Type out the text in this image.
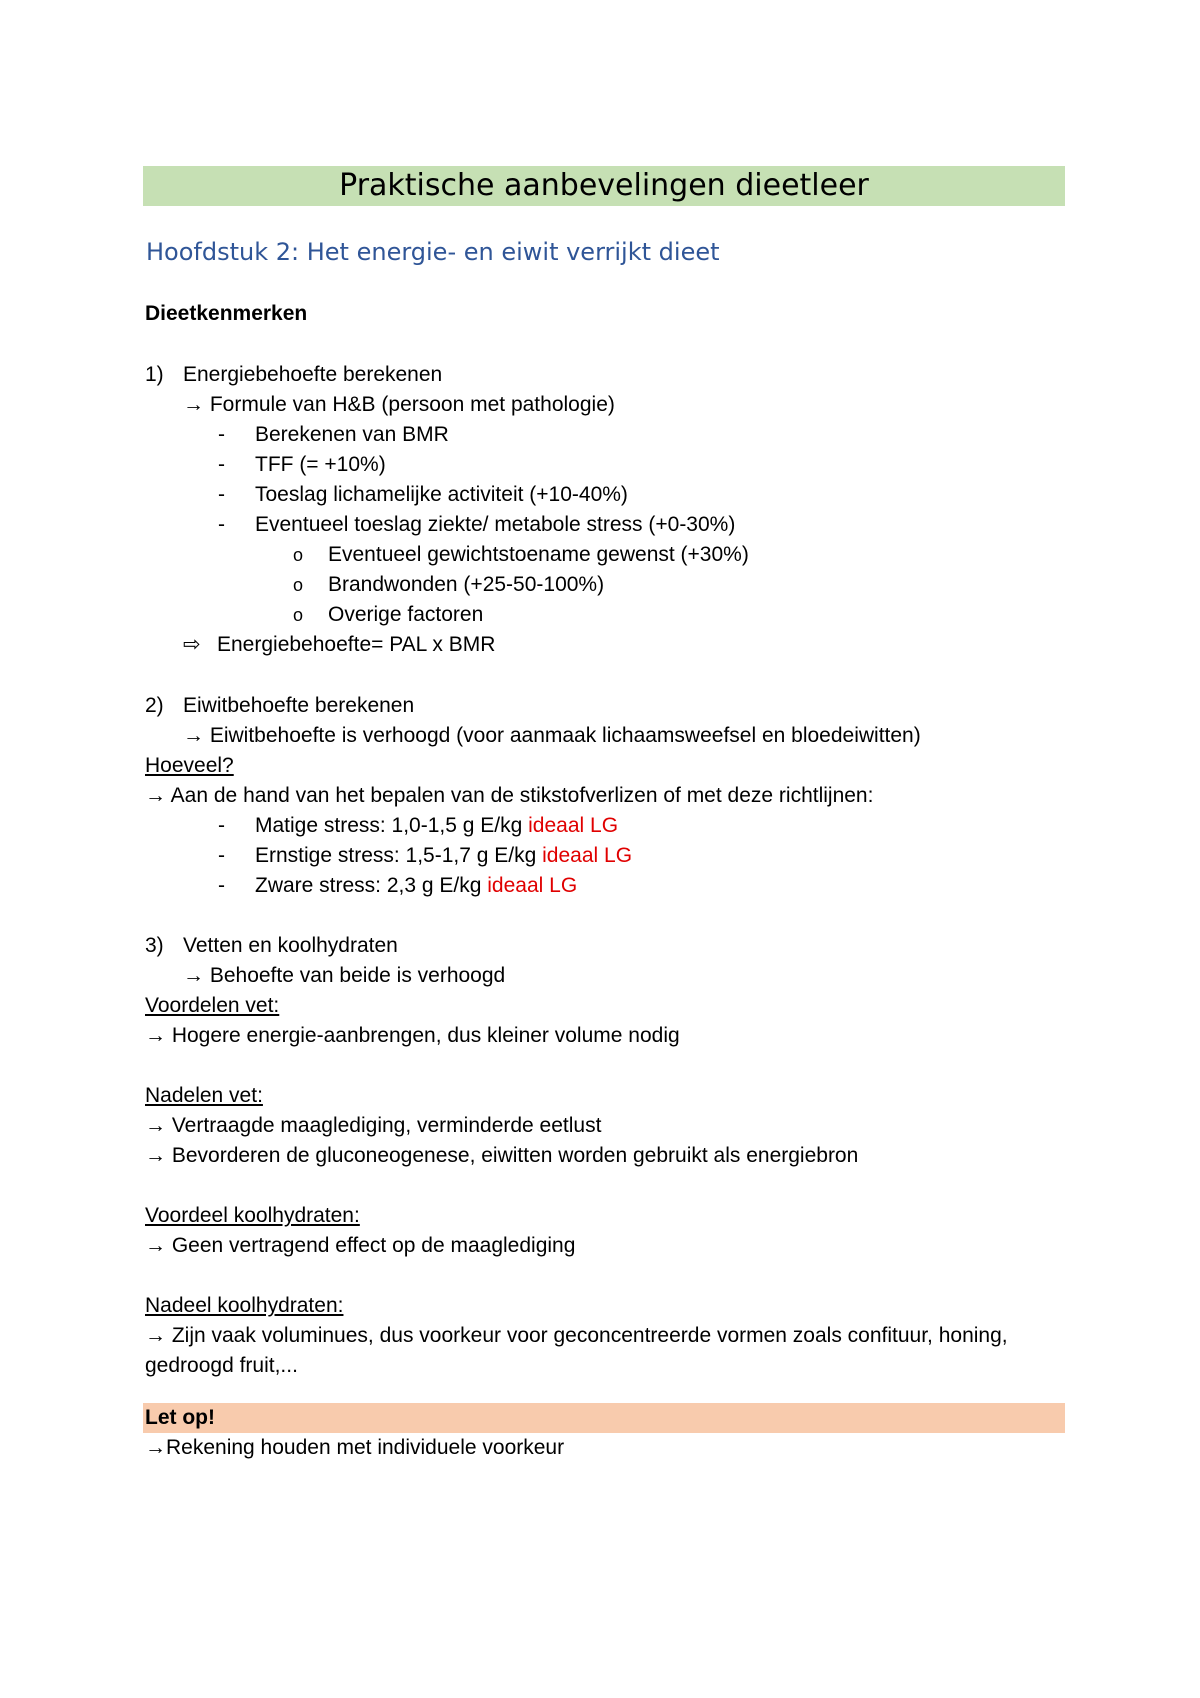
Praktische aanbevelingen dieetleer
Hoofdstuk 2: Het energie- en eiwit verrijkt dieet
Dieetkenmerken
1) Energiebehoefte berekenen
→ Formule van H&B (persoon met pathologie)
- Berekenen van BMR
- TFF (= +10%)
- Toeslag lichamelijke activiteit (+10-40%)
- Eventueel toeslag ziekte/ metabole stress (+0-30%)
o Eventueel gewichtstoename gewenst (+30%)
o Brandwonden (+25-50-100%)
o Overige factoren
⇨ Energiebehoefte= PAL x BMR
2) Eiwitbehoefte berekenen
→ Eiwitbehoefte is verhoogd (voor aanmaak lichaamsweefsel en bloedeiwitten)
Hoeveel?
→ Aan de hand van het bepalen van de stikstofverlizen of met deze richtlijnen:
- Matige stress: 1,0-1,5 g E/kg ideaal LG
- Ernstige stress: 1,5-1,7 g E/kg ideaal LG
- Zware stress: 2,3 g E/kg ideaal LG
3) Vetten en koolhydraten
→ Behoefte van beide is verhoogd
Voordelen vet:
→ Hogere energie-aanbrengen, dus kleiner volume nodig
Nadelen vet:
→ Vertraagde maaglediging, verminderde eetlust
→ Bevorderen de gluconeogenese, eiwitten worden gebruikt als energiebron
Voordeel koolhydraten:
→ Geen vertragend effect op de maaglediging
Nadeel koolhydraten:
→ Zijn vaak voluminues, dus voorkeur voor geconcentreerde vormen zoals confituur, honing,
gedroogd fruit,...
Let op!
→Rekening houden met individuele voorkeur
